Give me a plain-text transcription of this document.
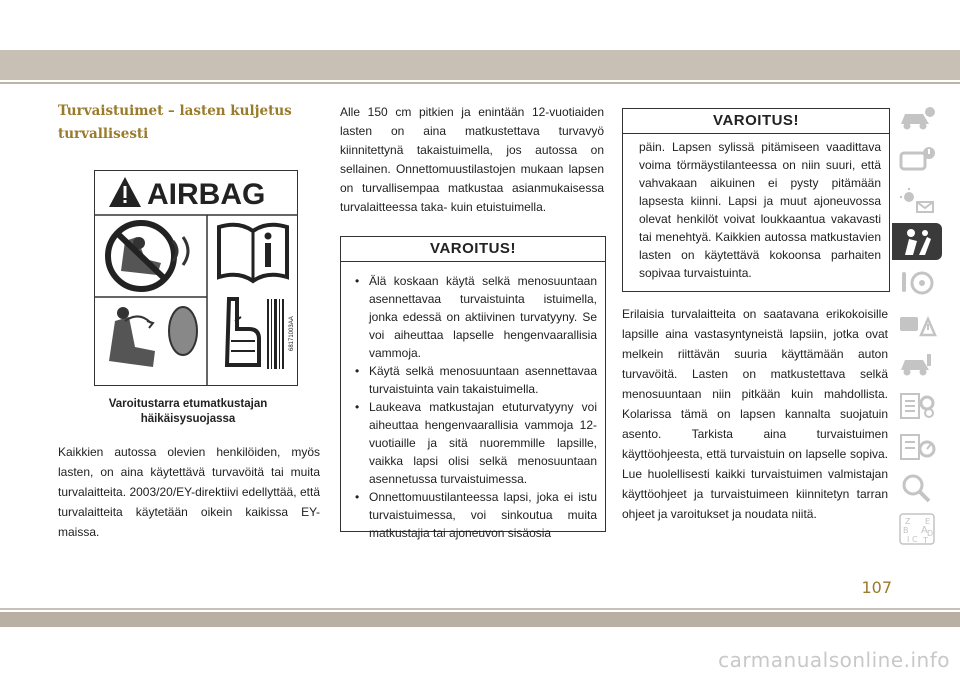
Turvaistuimet – lasten kuljetus
turvallisesti
AIRBAG
68171003AA
Varoitustarra etumatkustajan
häikäisysuojassa
Kaikkien autossa olevien henkilöiden, myös lasten, on aina käytettävä turvavöitä tai muita turvalaitteita. 2003/20/EY-direktiivi edellyttää, että turvalaitteita käytetään oikein kaikissa EY-maissa.
Alle 150 cm pitkien ja enintään 12-vuotiaiden lasten on aina matkustettava turvavyö kiinnitettynä takaistuimella, jos autossa on sellainen. Onnettomuustilastojen mukaan lapsen on turvallisempaa matkustaa asianmukaisessa turvalaitteessa taka- kuin etuistuimella.
VAROITUS!
• Älä koskaan käytä selkä menosuuntaan asennettavaa turvaistuinta istuimella, jonka edessä on aktiivinen turvatyyny. Se voi aiheuttaa lapselle hengenvaarallisia vammoja.
• Käytä selkä menosuuntaan asennettavaa turvaistuinta vain takaistuimella.
• Laukeava matkustajan etuturvatyyny voi aiheuttaa hengenvaarallisia vammoja 12-vuotiaille ja sitä nuoremmille lapsille, vaikka lapsi olisi selkä menosuuntaan asennetussa turvaistuimessa.
• Onnettomuustilanteessa lapsi, joka ei istu turvaistuimessa, voi sinkoutua muita matkustajia tai ajoneuvon sisäosia
VAROITUS!
päin. Lapsen sylissä pitämiseen vaadittava voima törmäystilanteessa on niin suuri, että vahvakaan aikuinen ei pysty pitämään lapsesta kiinni. Lapsi ja muut ajoneuvossa olevat henkilöt voivat loukkaantua vakavasti tai menehtyä. Kaikkien autossa matkustavien lasten on käytettävä kokoonsa parhaiten sopivaa turvaistuinta.
Erilaisia turvalaitteita on saatavana erikokoisille lapsille aina vastasyntyneistä lapsiin, jotka ovat melkein riittävän suuria käyttämään auton turvavöitä. Lasten on matkustettava selkä menosuuntaan niin pitkään kuin mahdollista. Kolarissa tämä on lapsen kannalta suojatuin asento. Tarkista aina turvaistuimen käyttöohjeesta, että turvaistuin on lapselle sopiva. Lue huolellisesti kaikki turvaistuimen valmistajan käyttöohjeet ja turvaistuimeen kiinnitetyn tarran ohjeet ja varoitukset ja noudata niitä.	Z E
B A
I C
D
T
107
carmanualsonline.info
